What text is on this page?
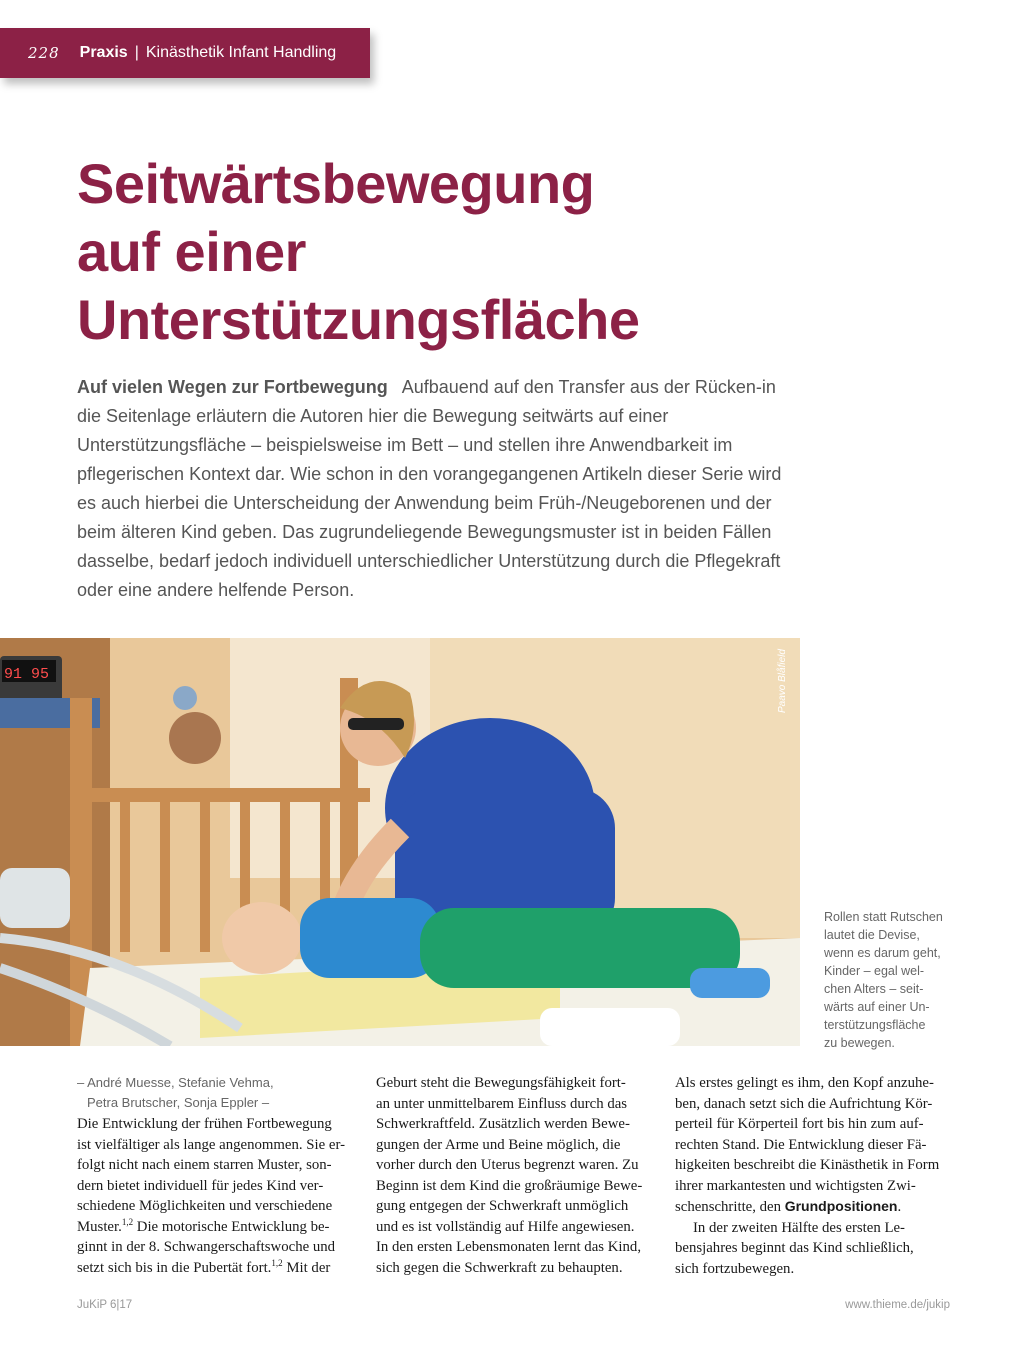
228 Praxis | Kinästhetik Infant Handling
Seitwärtsbewegung
auf einer
Unterstützungsfläche
Auf vielen Wegen zur Fortbewegung Aufbauend auf den Transfer aus der Rücken-in die Seitenlage erläutern die Autoren hier die Bewegung seitwärts auf einer Unterstützungsfläche – beispielsweise im Bett – und stellen ihre Anwendbarkeit im pflegerischen Kontext dar. Wie schon in den vorangegangenen Artikeln dieser Serie wird es auch hierbei die Unterscheidung der Anwendung beim Früh-/Neugeborenen und der beim älteren Kind geben. Das zugrundeliegende Bewegungsmuster ist in beiden Fällen dasselbe, bedarf jedoch individuell unterschiedlicher Unterstützung durch die Pflegekraft oder eine andere helfende Person.
91 95	Paavo Blåfield
Rollen statt Rutschen
lautet die Devise,
wenn es darum geht,
Kinder – egal wel-
chen Alters – seit-
wärts auf einer Un-
terstützungsfläche
zu bewegen.
– André Muesse, Stefanie Vehma,
Petra Brutscher, Sonja Eppler –
Die Entwicklung der frühen Fortbewegung
ist vielfältiger als lange angenommen. Sie er-
folgt nicht nach einem starren Muster, son-
dern bietet individuell für jedes Kind ver-
schiedene Möglichkeiten und verschiedene
Muster.$^{1,2}$ Die motorische Entwicklung be-
ginnt in der 8. Schwangerschaftswoche und
setzt sich bis in die Pubertät fort.$^{1,2}$ Mit der
Geburt steht die Bewegungsfähigkeit fort-
an unter unmittelbarem Einfluss durch das
Schwerkraftfeld. Zusätzlich werden Bewe-
gungen der Arme und Beine möglich, die
vorher durch den Uterus begrenzt waren. Zu
Beginn ist dem Kind die großräumige Bewe-
gung entgegen der Schwerkraft unmöglich
und es ist vollständig auf Hilfe angewiesen.
In den ersten Lebensmonaten lernt das Kind,
sich gegen die Schwerkraft zu behaupten.
Als erstes gelingt es ihm, den Kopf anzuhe-
ben, danach setzt sich die Aufrichtung Kör-
perteil für Körperteil fort bis hin zum auf-
rechten Stand. Die Entwicklung dieser Fä-
higkeiten beschreibt die Kinästhetik in Form
ihrer markantesten und wichtigsten Zwi-
schenschritte, den Grundpositionen.
In der zweiten Hälfte des ersten Le-
bensjahres beginnt das Kind schließlich,
sich fortzubewegen.
JuKiP 6|17	www.thieme.de/jukip
